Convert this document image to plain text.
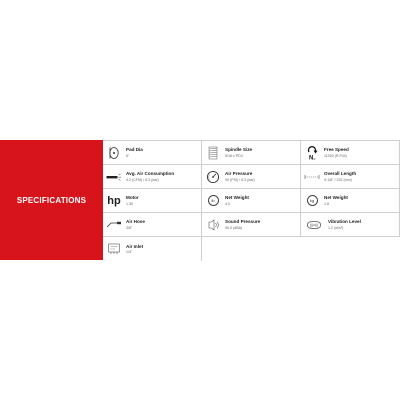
SPECIFICATIONS
Pad Dia
5"
Spindle Size
5/16 x PD3	N 0
Free Speed
11000 (R.P.M)
Avg. Air Consumption
4.2 (CFM) / 6.3 (bar)
Air Pressure
90 (PSI) / 6.3 (bar)
Overall Length
9-1/8" / 232 (mm)
hp Motor
1.30
lb
Net Weight
4.0
kg
Net Weight
1.8
Air Hose
3/8"
Sound Pressure
90.0 (dBA)
(((o)))
Vibration Level
1.2 (m/s²)
Air Inlet
1/4"
